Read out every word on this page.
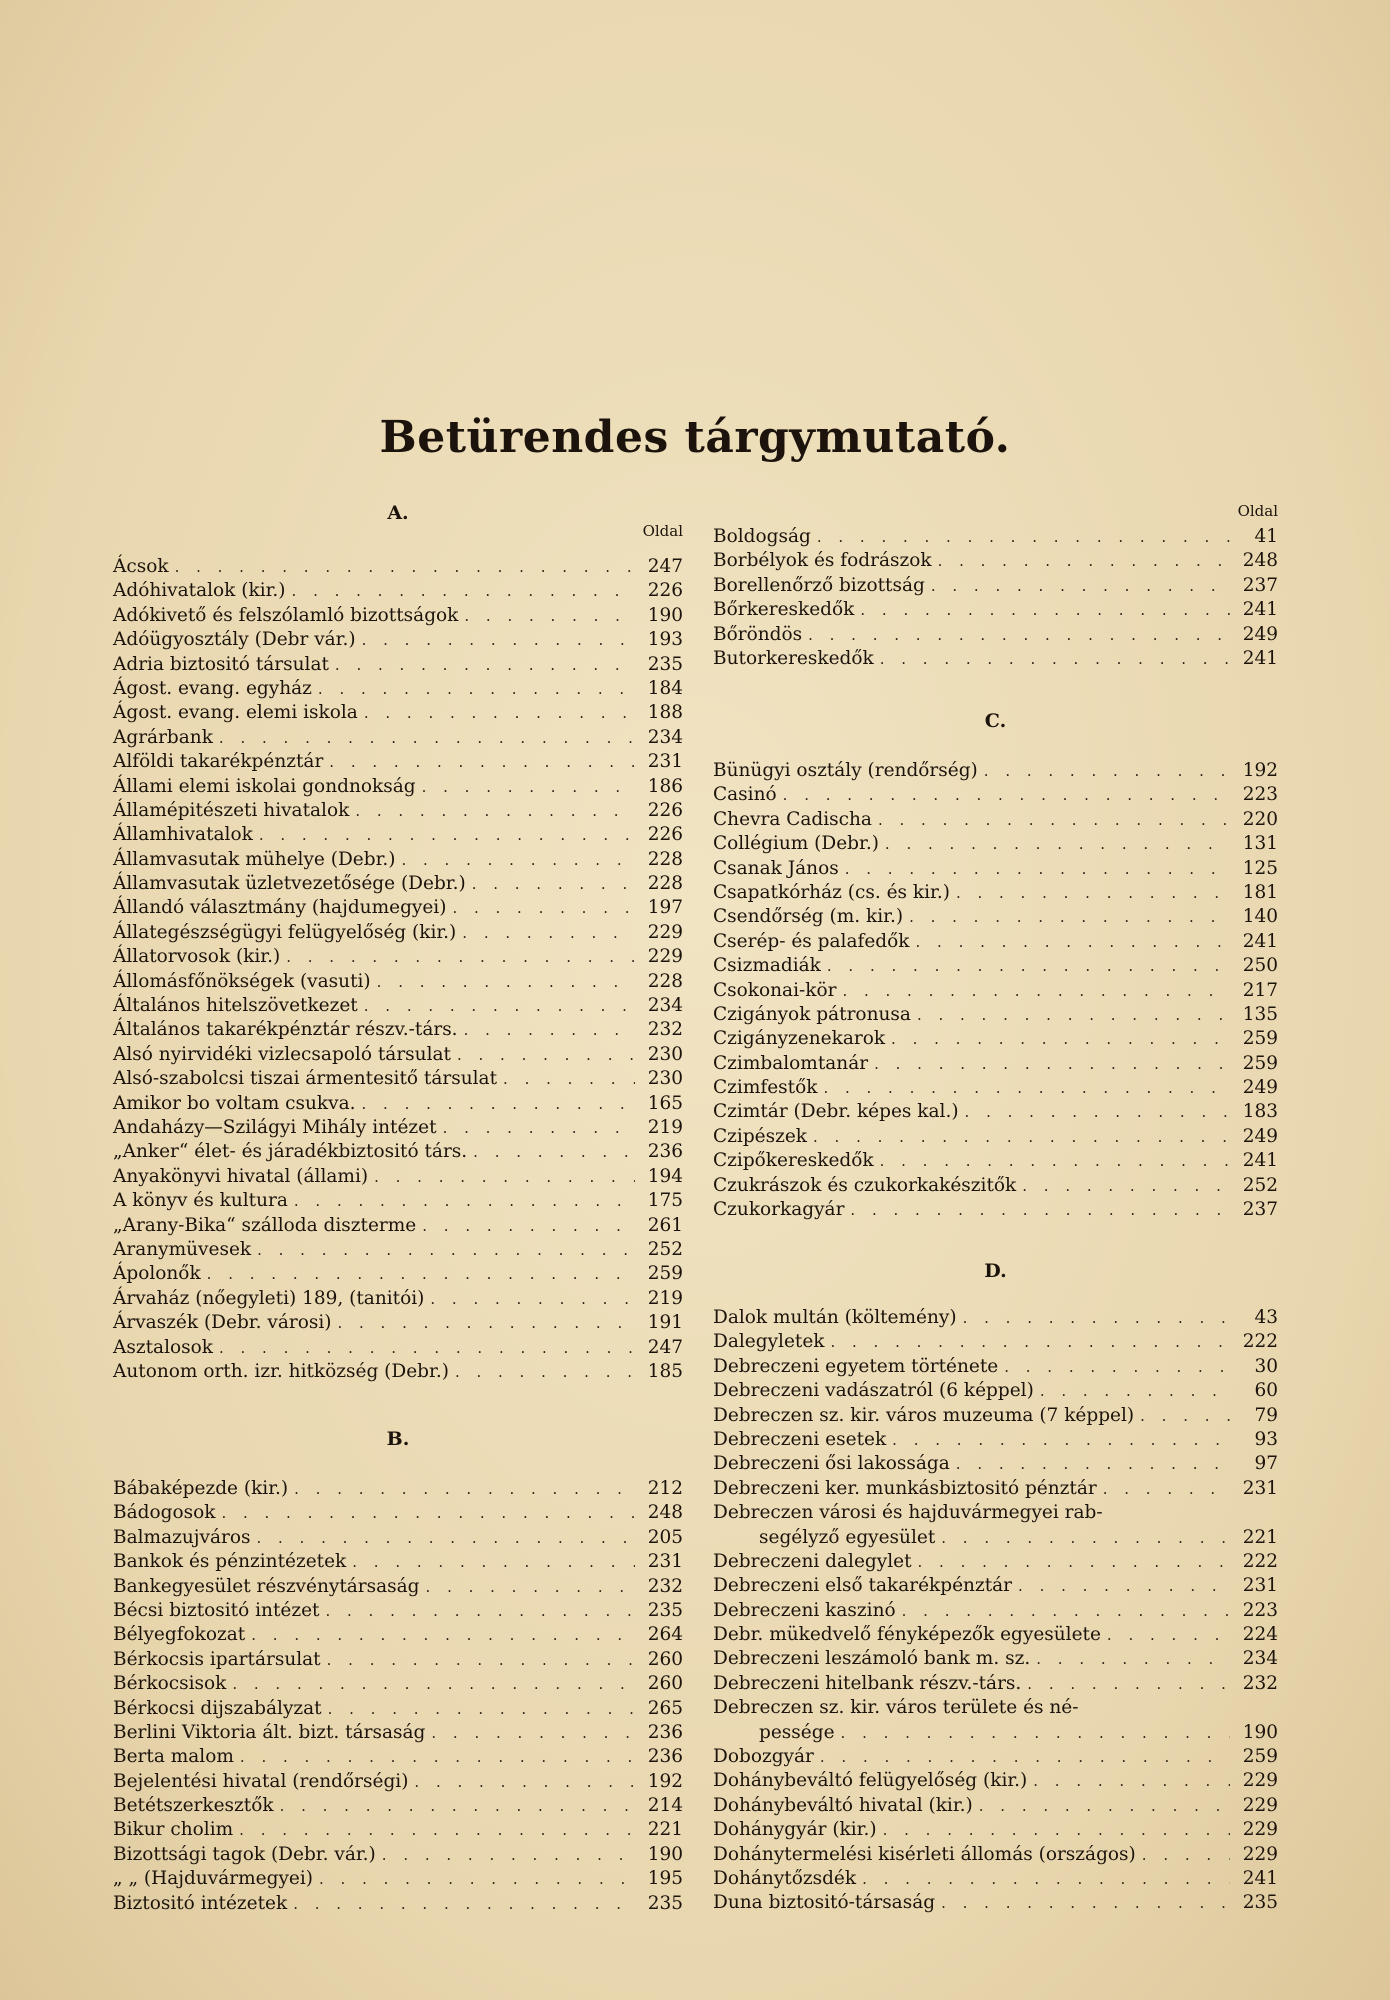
Betürendes tárgymutató.
A.
Oldal
Ácsok . . .	247
Adóhivatalok (kir.) . . .	226
Adókivető és felszólamló bizottságok . . .	190
Adóügyosztály (Debr vár.) . . .	193
Adria biztositó társulat . . .	235
Ágost. evang. egyház . . .	184
Ágost. evang. elemi iskola . . .	188
Agrárbank . . .	234
Alföldi takarékpénztár . . .	231
Állami elemi iskolai gondnokság . . .	186
Államépitészeti hivatalok . . .	226
Államhivatalok . . .	226
Államvasutak mühelye (Debr.) . . .	228
Államvasutak üzletvezetősége (Debr.) . . .	228
Állandó választmány (hajdumegyei) . . .	197
Állategészségügyi felügyelőség (kir.) . . .	229
Állatorvosok (kir.) . . .	229
Állomásfőnökségek (vasuti) . . .	228
Általános hitelszövetkezet . . .	234
Általános takarékpénztár részv.-társ. . . .	232
Alsó nyirvidéki vizlecsapoló társulat . . .	230
Alsó-szabolcsi tiszai ármentesitő társulat . . .	230
Amikor bo voltam csukva. . . .	165
Andaházy—Szilágyi Mihály intézet . . .	219
„Anker“ élet- és járadékbiztositó társ. . . .	236
Anyakönyvi hivatal (állami) . . .	194
A könyv és kultura . . .	175
„Arany-Bika“ szálloda diszterme . . .	261
Aranymüvesek . . .	252
Ápolonők . . .	259
Árvaház (nőegyleti) 189, (tanitói) . . .	219
Árvaszék (Debr. városi) . . .	191
Asztalosok . . .	247
Autonom orth. izr. hitközség (Debr.) . . .	185
B.
Bábaképezde (kir.) . . .	212
Bádogosok . . .	248
Balmazujváros . . .	205
Bankok és pénzintézetek . . .	231
Bankegyesület részvénytársaság . . .	232
Bécsi biztositó intézet . . .	235
Bélyegfokozat . . .	264
Bérkocsis ipartársulat . . .	260
Bérkocsisok . . .	260
Bérkocsi dijszabályzat . . .	265
Berlini Viktoria ált. bizt. társaság . . .	236
Berta malom . . .	236
Bejelentési hivatal (rendőrségi) . . .	192
Betétszerkesztők . . .	214
Bikur cholim . . .	221
Bizottsági tagok (Debr. vár.) . . .	190
„ „ (Hajduvármegyei) . . .	195
Biztositó intézetek . . .	235
Oldal
Boldogság . . .	41
Borbélyok és fodrászok . . .	248
Borellenőrző bizottság . . .	237
Bőrkereskedők . . .	241
Bőröndös . . .	249
Butorkereskedők . . .	241
C.
Bünügyi osztály (rendőrség) . . .	192
Casinó . . .	223
Chevra Cadischa . . .	220
Collégium (Debr.) . . .	131
Csanak János . . .	125
Csapatkórház (cs. és kir.) . . .	181
Csendőrség (m. kir.) . . .	140
Cserép- és palafedők . . .	241
Csizmadiák . . .	250
Csokonai-kör . . .	217
Czigányok pátronusa . . .	135
Czigányzenekarok . . .	259
Czimbalomtanár . . .	259
Czimfestők . . .	249
Czimtár (Debr. képes kal.) . . .	183
Czipészek . . .	249
Czipőkereskedők . . .	241
Czukrászok és czukorkakészitők . . .	252
Czukorkagyár . . .	237
D.
Dalok multán (költemény) . . .	43
Dalegyletek . . .	222
Debreczeni egyetem története . . .	30
Debreczeni vadászatról (6 képpel) . . .	60
Debreczen sz. kir. város muzeuma (7 képpel) . . .	79
Debreczeni esetek . . .	93
Debreczeni ősi lakossága . . .	97
Debreczeni ker. munkásbiztositó pénztár . . .	231
Debreczen városi és hajduvármegyei rab-
segélyző egyesület . . .	221
Debreczeni dalegylet . . .	222
Debreczeni első takarékpénztár . . .	231
Debreczeni kaszinó . . .	223
Debr. mükedvelő fényképezők egyesülete . . .	224
Debreczeni leszámoló bank m. sz. . . .	234
Debreczeni hitelbank részv.-társ. . . .	232
Debreczen sz. kir. város területe és né-
pessége . . .	190
Dobozgyár . . .	259
Dohánybeváltó felügyelőség (kir.) . . .	229
Dohánybeváltó hivatal (kir.) . . .	229
Dohánygyár (kir.) . . .	229
Dohánytermelési kisérleti állomás (országos) . . .	229
Dohánytőzsdék . . .	241
Duna biztositó-társaság . . .	235
